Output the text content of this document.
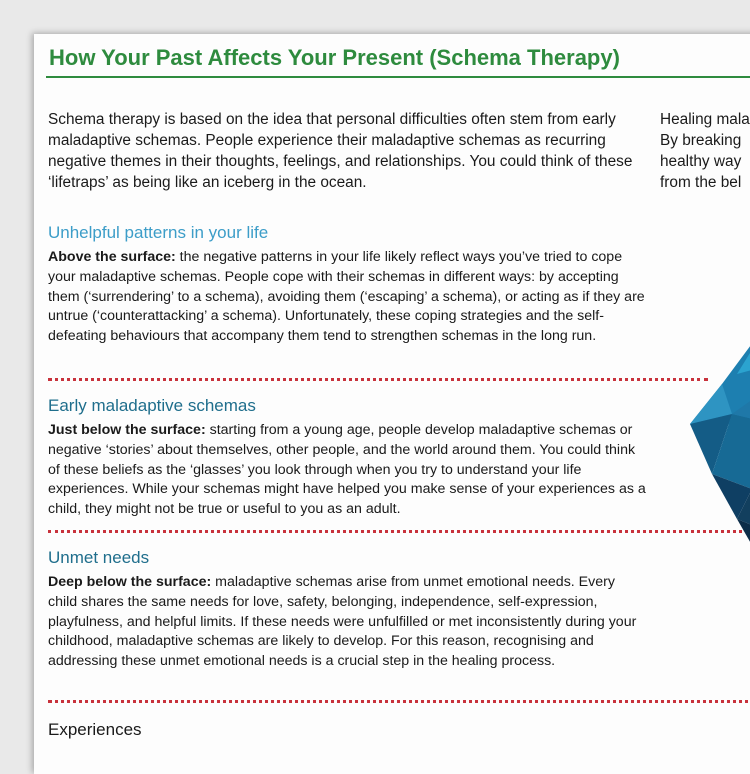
How Your Past Affects Your Present (Schema Therapy)

Schema therapy is based on the idea that personal difficulties often stem from early maladaptive schemas. People experience their maladaptive schemas as recurring negative themes in their thoughts, feelings, and relationships. You could think of these ‘lifetraps’ as being like an iceberg in the ocean.

Healing mala
By breaking
healthy way
from the bel
Unhelpful patterns in your life

Above the surface: the negative patterns in your life likely reflect ways you’ve tried to cope your maladaptive schemas. People cope with their schemas in different ways: by accepting them (‘surrendering’ to a schema), avoiding them (‘escaping’ a schema), or acting as if they are untrue (‘counterattacking’ a schema). Unfortunately, these coping strategies and the self-defeating behaviours that accompany them tend to strengthen schemas in the long run.

Early maladaptive schemas

Just below the surface: starting from a young age, people develop maladaptive schemas or negative ‘stories’ about themselves, other people, and the world around them. You could think of these beliefs as the ‘glasses’ you look through when you try to understand your life experiences. While your schemas might have helped you make sense of your experiences as a child, they might not be true or useful to you as an adult.

Unmet needs

Deep below the surface: maladaptive schemas arise from unmet emotional needs. Every child shares the same needs for love, safety, belonging, independence, self-expression, playfulness, and helpful limits. If these needs were unfulfilled or met inconsistently during your childhood, maladaptive schemas are likely to develop. For this reason, recognising and addressing these unmet emotional needs is a crucial step in the healing process.

Experiences
